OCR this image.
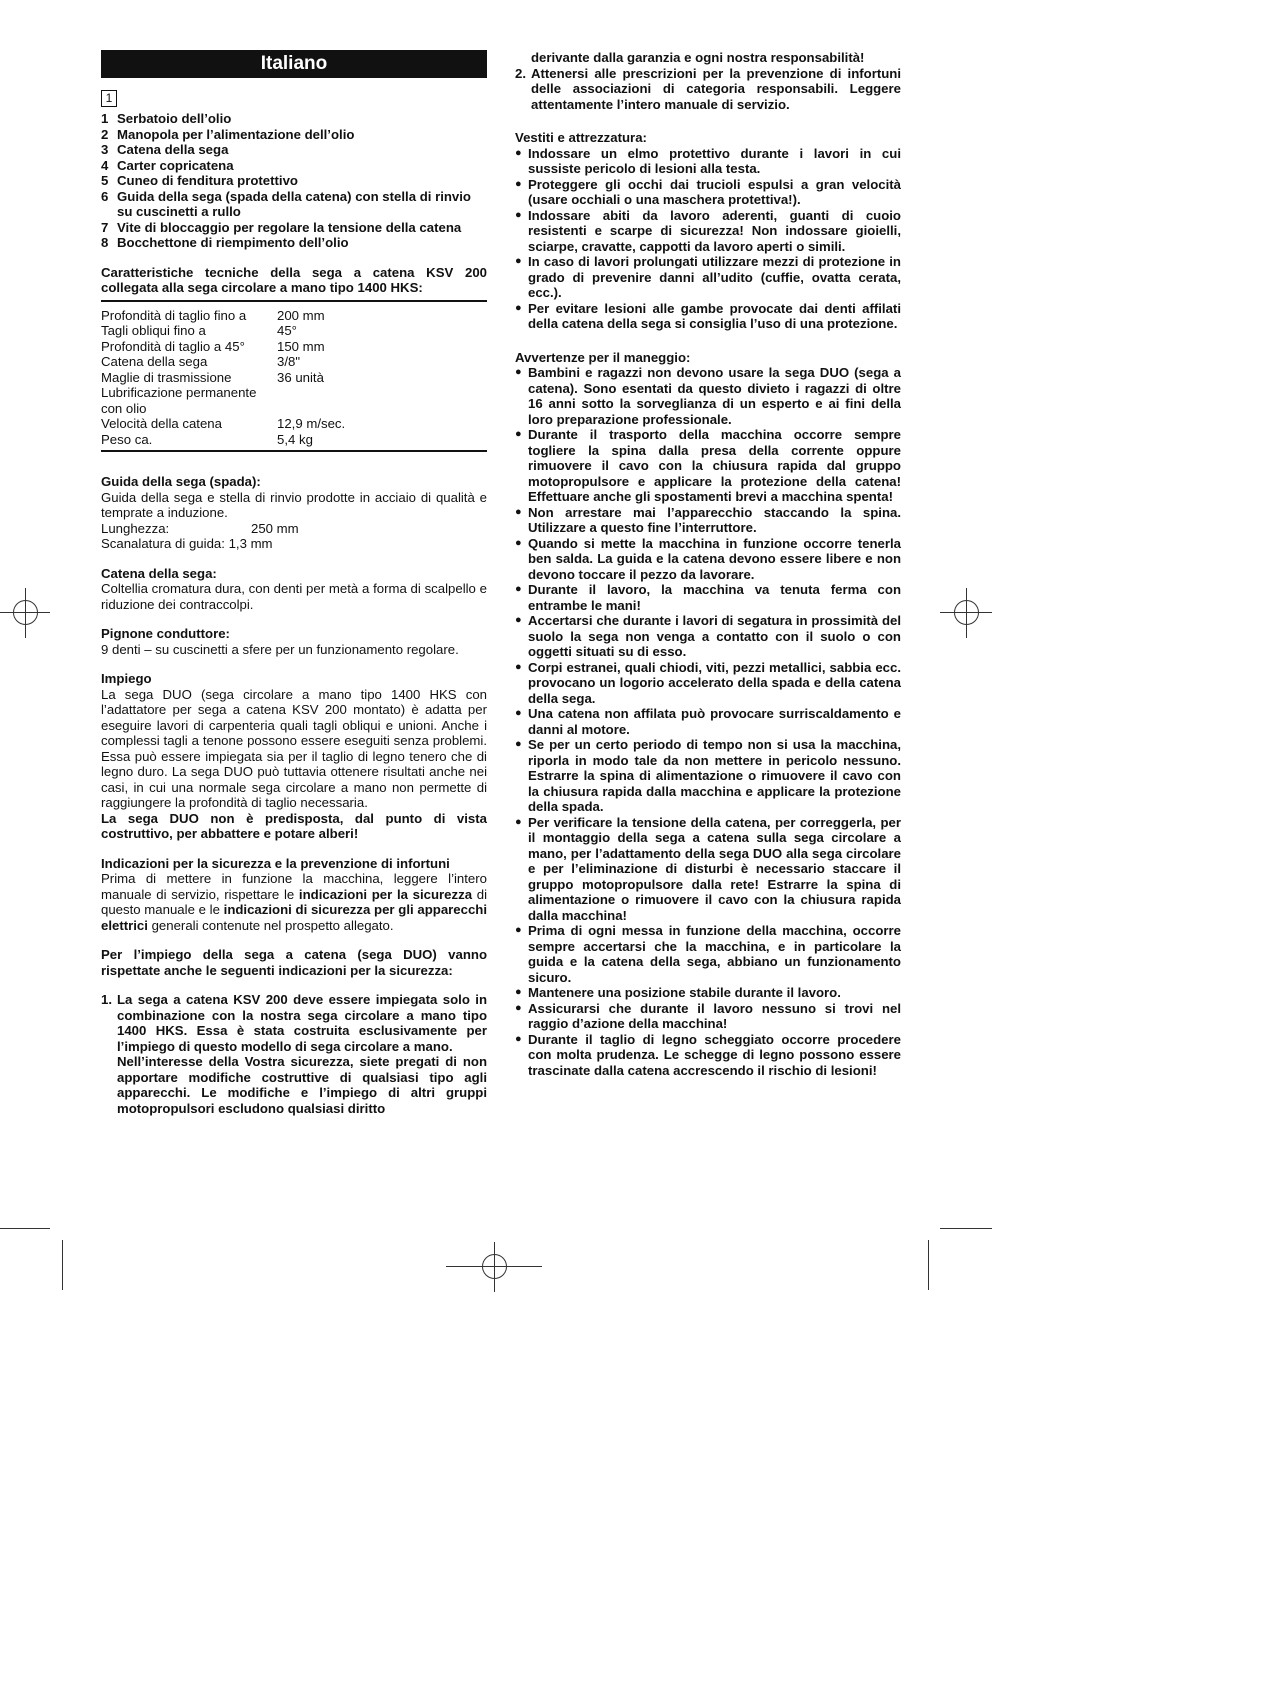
Italiano
1
1 Serbatoio dell’olio
2 Manopola per l’alimentazione dell’olio
3 Catena della sega
4 Carter copricatena
5 Cuneo di fenditura protettivo
6 Guida della sega (spada della catena) con stella di rinvio su cuscinetti a rullo
7 Vite di bloccaggio per regolare la tensione della catena
8 Bocchettone di riempimento dell’olio
Caratteristiche tecniche della sega a catena KSV 200 collegata alla sega circolare a mano tipo 1400 HKS:
Profondità di taglio fino a	200 mm
Tagli obliqui fino a	45°
Profondità di taglio a 45°	150 mm
Catena della sega	3/8"
Maglie di trasmissione	36 unità
Lubrificazione permanente con olio
Velocità della catena	12,9 m/sec.
Peso ca.	5,4 kg
Guida della sega (spada):
Guida della sega e stella di rinvio prodotte in acciaio di qualità e temprate a induzione.
Lunghezza:	250 mm
Scanalatura di guida: 1,3 mm
Catena della sega:
Coltellia cromatura dura, con denti per metà a forma di scalpello e riduzione dei contraccolpi.
Pignone conduttore:
9 denti – su cuscinetti a sfere per un funzionamento regolare.
Impiego
La sega DUO (sega circolare a mano tipo 1400 HKS con l’adattatore per sega a catena KSV 200 montato) è adatta per eseguire lavori di carpenteria quali tagli obliqui e unioni. Anche i complessi tagli a tenone possono essere eseguiti senza problemi. Essa può essere impiegata sia per il taglio di legno tenero che di legno duro. La sega DUO può tuttavia ottenere risultati anche nei casi, in cui una normale sega circolare a mano non permette di raggiungere la profondità di taglio necessaria.
La sega DUO non è predisposta, dal punto di vista costruttivo, per abbattere e potare alberi!
Indicazioni per la sicurezza e la prevenzione di infortuni
Prima di mettere in funzione la macchina, leggere l’intero manuale di servizio, rispettare le indicazioni per la sicurezza di questo manuale e le indicazioni di sicurezza per gli apparecchi elettrici generali contenute nel prospetto allegato.
Per l’impiego della sega a catena (sega DUO) vanno rispettate anche le seguenti indicazioni per la sicurezza:
1. La sega a catena KSV 200 deve essere impiegata solo in combinazione con la nostra sega circolare a mano tipo 1400 HKS. Essa è stata costruita esclusivamente per l’impiego di questo modello di sega circolare a mano.
Nell’interesse della Vostra sicurezza, siete pregati di non apportare modifiche costruttive di qualsiasi tipo agli apparecchi. Le modifiche e l’impiego di altri gruppi motopropulsori escludono qualsiasi diritto
derivante dalla garanzia e ogni nostra responsabilità!
2. Attenersi alle prescrizioni per la prevenzione di infortuni delle associazioni di categoria responsabili. Leggere attentamente l’intero manuale di servizio.
Vestiti e attrezzatura:
● Indossare un elmo protettivo durante i lavori in cui sussiste pericolo di lesioni alla testa.
● Proteggere gli occhi dai trucioli espulsi a gran velocità (usare occhiali o una maschera protettiva!).
● Indossare abiti da lavoro aderenti, guanti di cuoio resistenti e scarpe di sicurezza! Non indossare gioielli, sciarpe, cravatte, cappotti da lavoro aperti o simili.
● In caso di lavori prolungati utilizzare mezzi di protezione in grado di prevenire danni all’udito (cuffie, ovatta cerata, ecc.).
● Per evitare lesioni alle gambe provocate dai denti affilati della catena della sega si consiglia l’uso di una protezione.
Avvertenze per il maneggio:
● Bambini e ragazzi non devono usare la sega DUO (sega a catena). Sono esentati da questo divieto i ragazzi di oltre 16 anni sotto la sorveglianza di un esperto e ai fini della loro preparazione professionale.
● Durante il trasporto della macchina occorre sempre togliere la spina dalla presa della corrente oppure rimuovere il cavo con la chiusura rapida dal gruppo motopropulsore e applicare la protezione della catena! Effettuare anche gli spostamenti brevi a macchina spenta!
● Non arrestare mai l’apparecchio staccando la spina. Utilizzare a questo fine l’interruttore.
● Quando si mette la macchina in funzione occorre tenerla ben salda. La guida e la catena devono essere libere e non devono toccare il pezzo da lavorare.
● Durante il lavoro, la macchina va tenuta ferma con entrambe le mani!
● Accertarsi che durante i lavori di segatura in prossimità del suolo la sega non venga a contatto con il suolo o con oggetti situati su di esso.
● Corpi estranei, quali chiodi, viti, pezzi metallici, sabbia ecc. provocano un logorio accelerato della spada e della catena della sega.
● Una catena non affilata può provocare surriscaldamento e danni al motore.
● Se per un certo periodo di tempo non si usa la macchina, riporla in modo tale da non mettere in pericolo nessuno. Estrarre la spina di alimentazione o rimuovere il cavo con la chiusura rapida dalla macchina e applicare la protezione della spada.
● Per verificare la tensione della catena, per correggerla, per il montaggio della sega a catena sulla sega circolare a mano, per l’adattamento della sega DUO alla sega circolare e per l’eliminazione di disturbi è necessario staccare il gruppo motopropulsore dalla rete! Estrarre la spina di alimentazione o rimuovere il cavo con la chiusura rapida dalla macchina!
● Prima di ogni messa in funzione della macchina, occorre sempre accertarsi che la macchina, e in particolare la guida e la catena della sega, abbiano un funzionamento sicuro.
● Mantenere una posizione stabile durante il lavoro.
● Assicurarsi che durante il lavoro nessuno si trovi nel raggio d’azione della macchina!
● Durante il taglio di legno scheggiato occorre procedere con molta prudenza. Le schegge di legno possono essere trascinate dalla catena accrescendo il rischio di lesioni!
